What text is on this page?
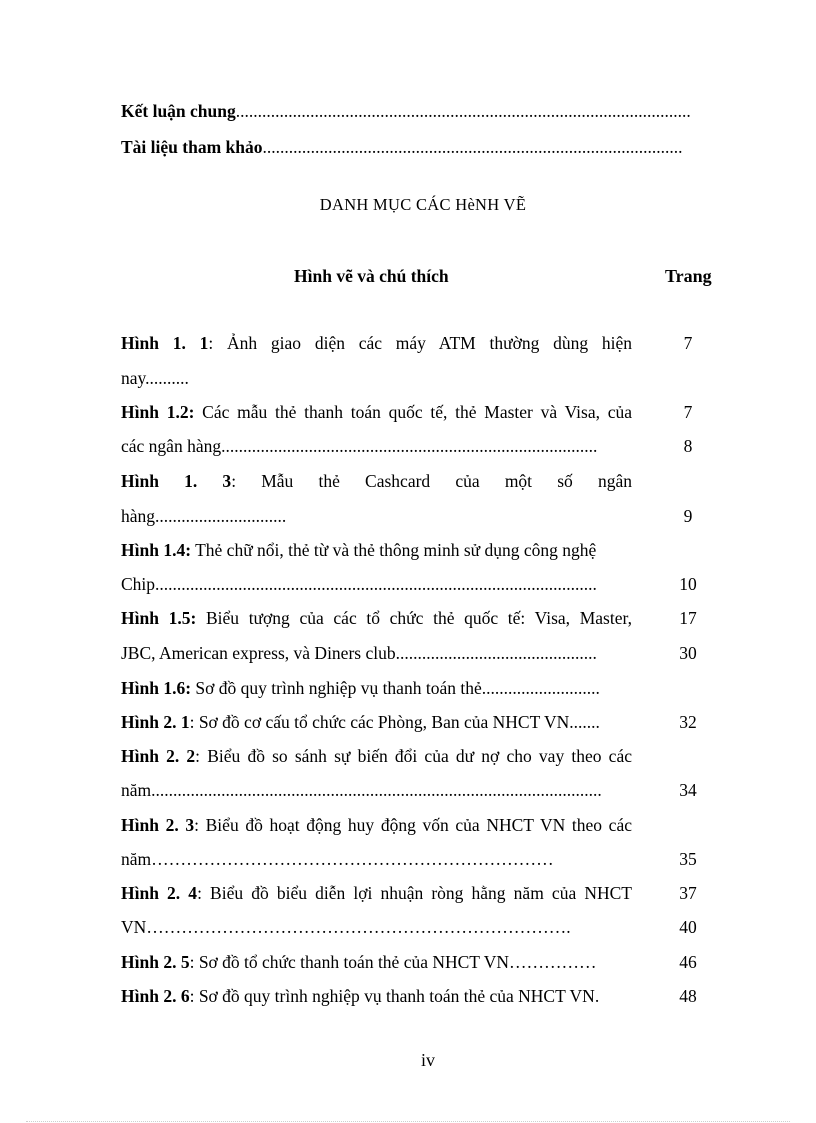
Kết luận chung........................................................................................................
Tài liệu tham khảo................................................................................................
DANH MỤC CÁC HèNH VẼ
Hình vẽ và chú thích	Trang
Hình 1. 1: Ảnh giao diện các máy ATM thường dùng hiện	7
nay..........
Hình 1.2: Các mẫu thẻ thanh toán quốc tế, thẻ Master và Visa, của	7
các ngân hàng......................................................................................	8
Hình 1. 3: Mẫu thẻ Cashcard của một số ngân
hàng..............................	9
Hình 1.4: Thẻ chữ nổi, thẻ từ và thẻ thông minh sử dụng công nghệ
Chip.....................................................................................................	10
Hình 1.5: Biểu tượng của các tổ chức thẻ quốc tế: Visa, Master,	17
JBC, American express, và Diners club..............................................	30
Hình 1.6: Sơ đồ quy trình nghiệp vụ thanh toán thẻ...........................
Hình 2. 1: Sơ đồ cơ cấu tổ chức các Phòng, Ban của NHCT VN.......	32
Hình 2. 2: Biểu đồ so sánh sự biến đổi của dư nợ cho vay theo các
năm.......................................................................................................	34
Hình 2. 3: Biểu đồ hoạt động huy động vốn của NHCT VN theo các
năm……………………………………………………………	35
Hình 2. 4: Biểu đồ biểu diễn lợi nhuận ròng hằng năm của NHCT	37
VN……………………………………………………………….	40
Hình 2. 5: Sơ đồ tổ chức thanh toán thẻ của NHCT VN……………	46
Hình 2. 6: Sơ đồ quy trình nghiệp vụ thanh toán thẻ của NHCT VN.	48
iv
